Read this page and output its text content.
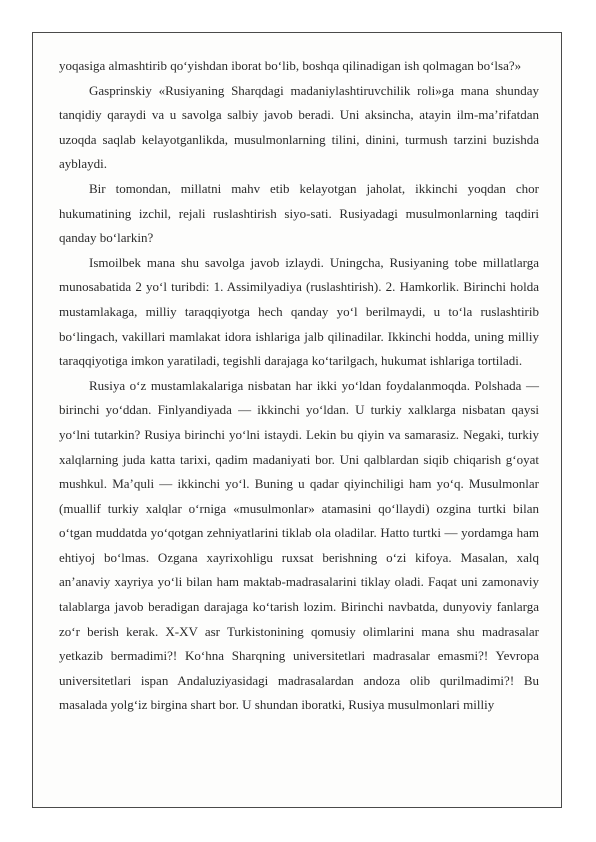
yoqasiga almashtirib qo‘yishdan iborat bo‘lib, boshqa qilinadigan ish qolmagan bo‘lsa?»

Gasprinskiy «Rusiyaning Sharqdagi madaniylashtiruvchilik roli»ga mana shunday tanqidiy qaraydi va u savolga salbiy javob beradi. Uni aksincha, atayin ilm-ma’rifatdan uzoqda saqlab kelayotganlikda, musulmonlarning tilini, dinini, turmush tarzini buzishda ayblaydi.

Bir tomondan, millatni mahv etib kelayotgan jaholat, ikkinchi yoqdan chor hukumatining izchil, rejali ruslashtirish siyo-sati. Rusiyadagi musulmonlarning taqdiri qanday bo‘larkin?

Ismoilbek mana shu savolga javob izlaydi. Uningcha, Rusiyaning tobe millatlarga munosabatida 2 yo‘l turibdi: 1. Assimilyadiya (ruslashtirish). 2. Hamkorlik. Birinchi holda mustamlakaga, milliy taraqqiyotga hech qanday yo‘l berilmaydi, u to‘la ruslashtirib bo‘lingach, vakillari mamlakat idora ishlariga jalb qilinadilar. Ikkinchi hodda, uning milliy taraqqiyotiga imkon yaratiladi, tegishli darajaga ko‘tarilgach, hukumat ishlariga tortiladi.

Rusiya o‘z mustamlakalariga nisbatan har ikki yo‘ldan foydalanmoqda. Polshada — birinchi yo‘ddan. Finlyandiyada — ikkinchi yo‘ldan. U turkiy xalklarga nisbatan qaysi yo‘lni tutarkin? Rusiya birinchi yo‘lni istaydi. Lekin bu qiyin va samarasiz. Negaki, turkiy xalqlarning juda katta tarixi, qadim madaniyati bor. Uni qalblardan siqib chiqarish g‘oyat mushkul. Ma’quli — ikkinchi yo‘l. Buning u qadar qiyinchiligi ham yo‘q. Musulmonlar (muallif turkiy xalqlar o‘rniga «musulmonlar» atamasini qo‘llaydi) ozgina turtki bilan o‘tgan muddatda yo‘qotgan zehniyatlarini tiklab ola oladilar. Hatto turtki — yordamga ham ehtiyoj bo‘lmas. Ozgana xayrixohligu ruxsat berishning o‘zi kifoya. Masalan, xalq an’anaviy xayriya yo‘li bilan ham maktab-madrasalarini tiklay oladi. Faqat uni zamonaviy talablarga javob beradigan darajaga ko‘tarish lozim. Birinchi navbatda, dunyoviy fanlarga zo‘r berish kerak. X-XV asr Turkistonining qomusiy olimlarini mana shu madrasalar yetkazib bermadimi?! Ko‘hna Sharqning universitetlari madrasalar emasmi?! Yevropa universitetlari ispan Andaluziyasidagi madrasalardan andoza olib qurilmadimi?! Bu masalada yolg‘iz birgina shart bor. U shundan iboratki, Rusiya musulmonlari milliy
